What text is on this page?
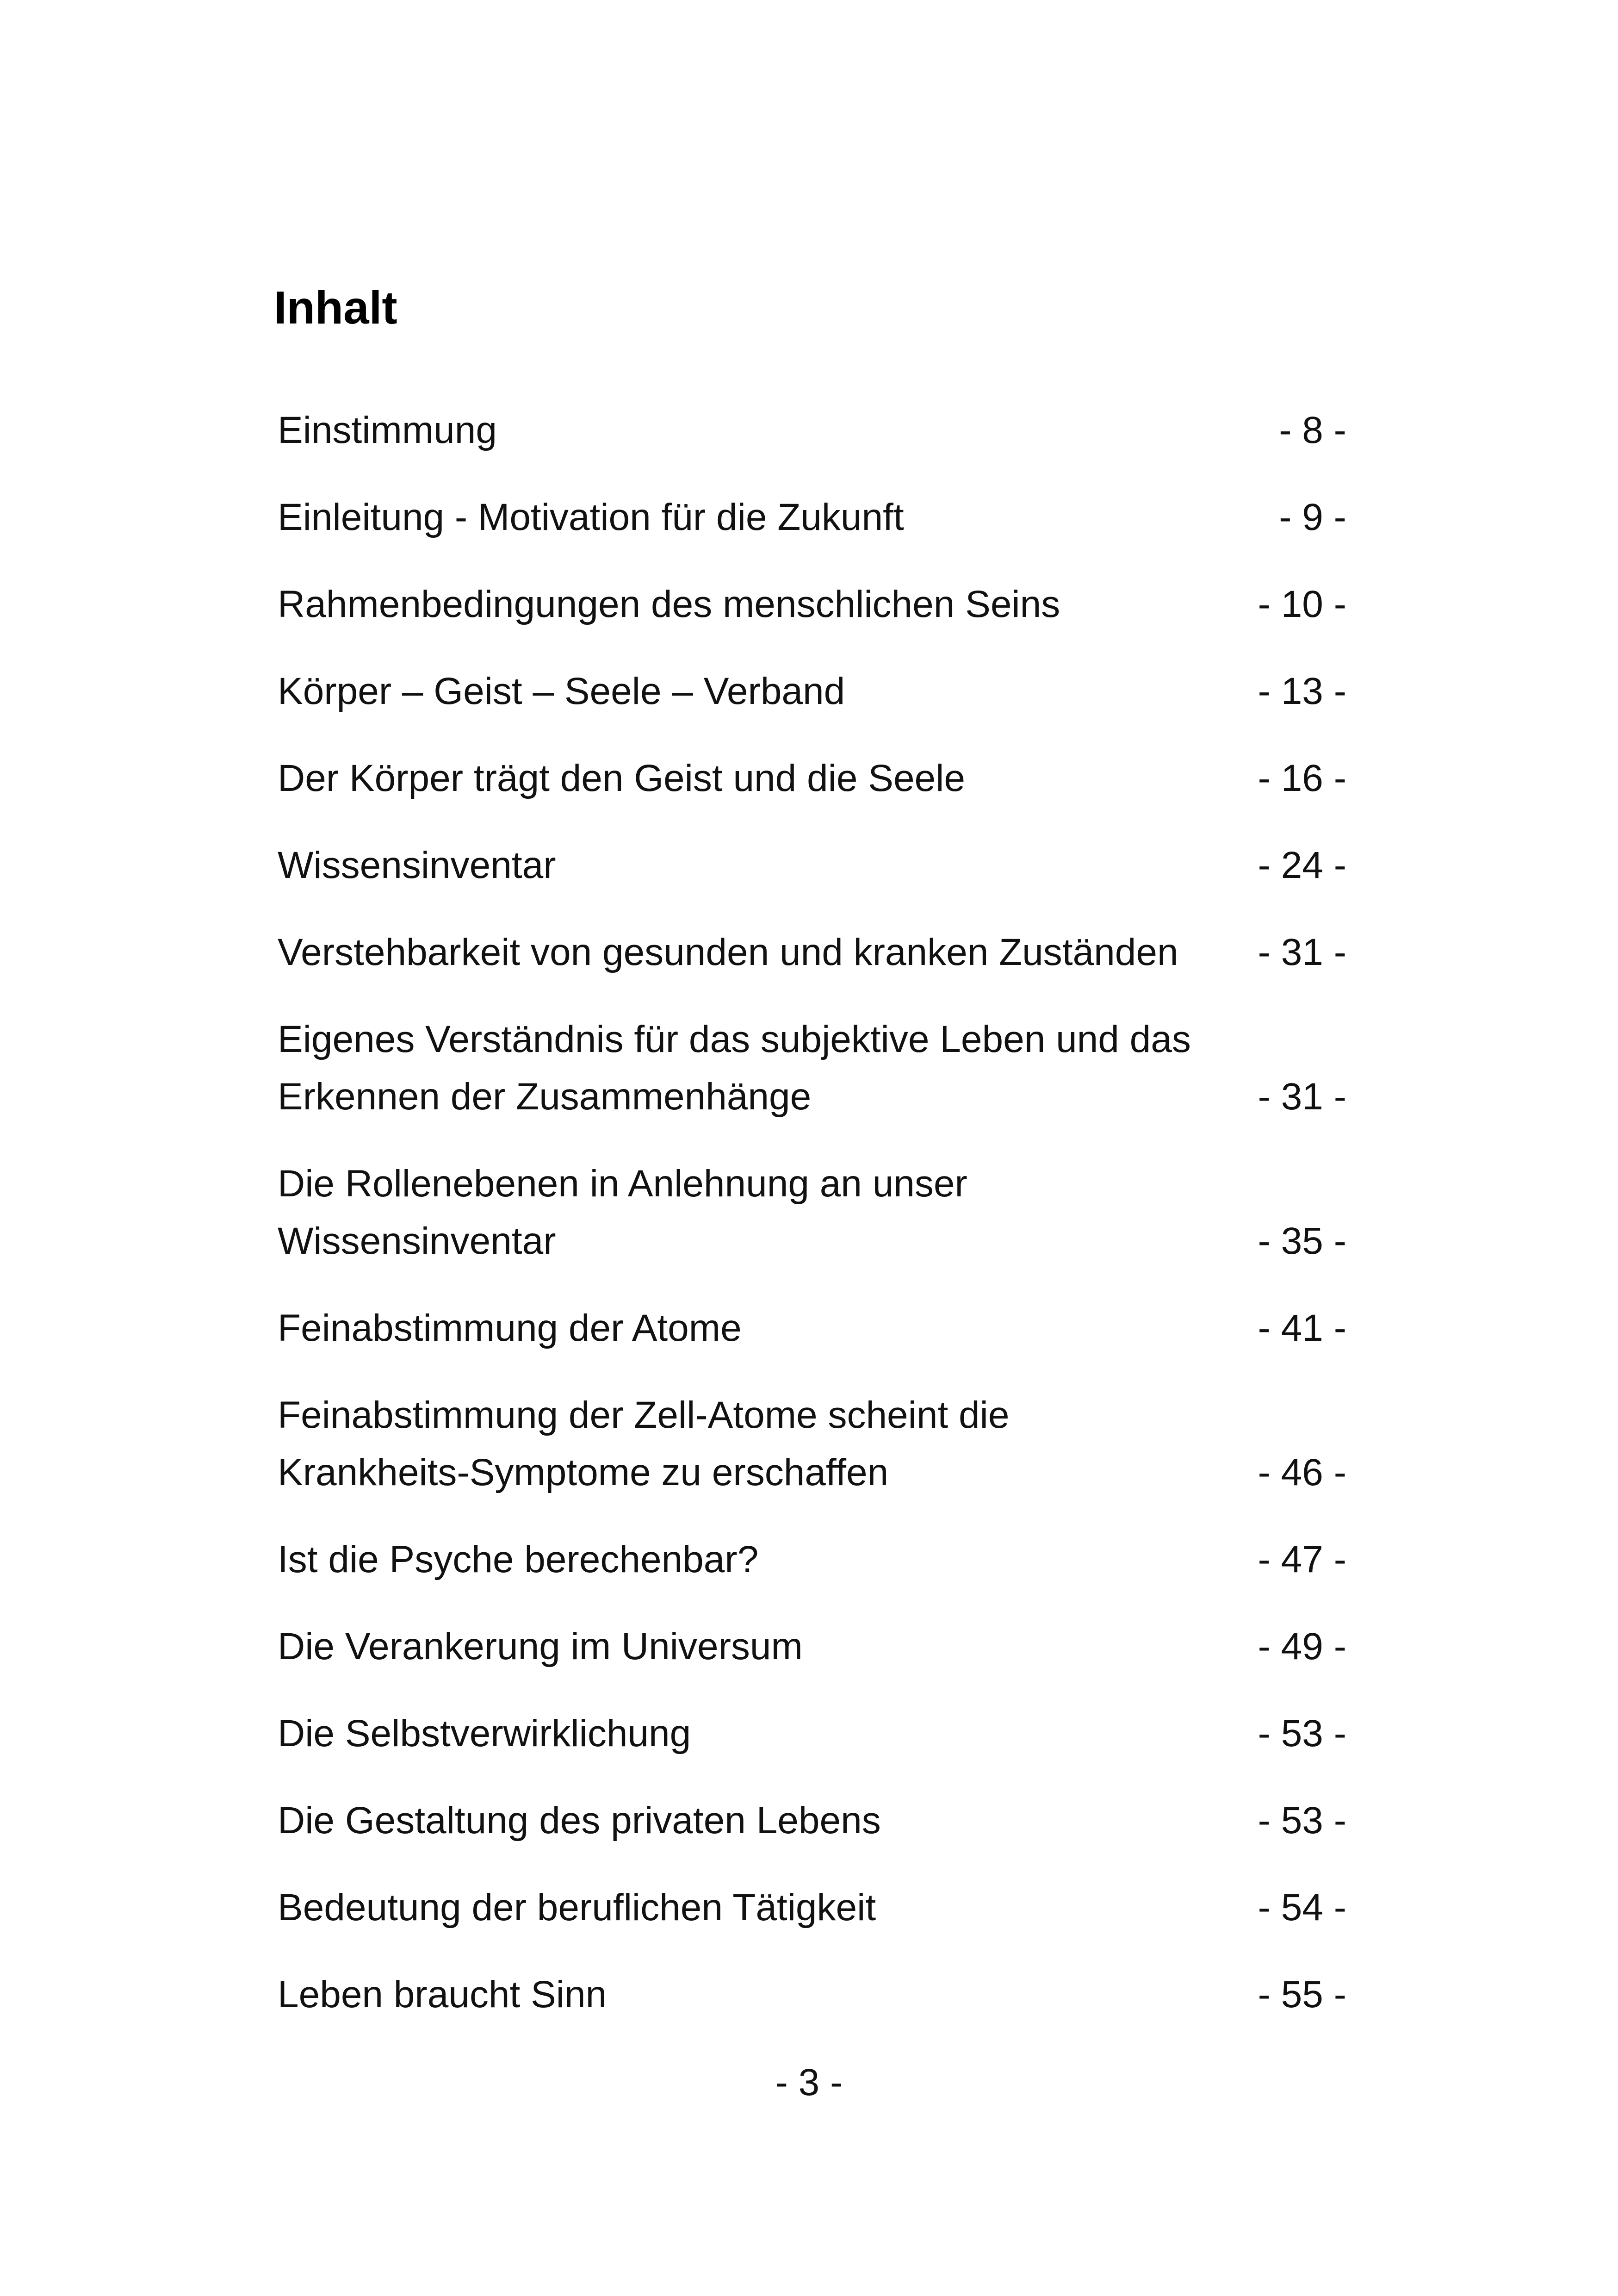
Inhalt
Einstimmung	- 8 -
Einleitung - Motivation für die Zukunft	- 9 -
Rahmenbedingungen des menschlichen Seins	- 10 -
Körper – Geist – Seele – Verband	- 13 -
Der Körper trägt den Geist und die Seele	- 16 -
Wissensinventar	- 24 -
Verstehbarkeit von gesunden und kranken Zuständen	- 31 -
Eigenes Verständnis für das subjektive Leben und das
Erkennen der Zusammenhänge	- 31 -
Die Rollenebenen in Anlehnung an unser
Wissensinventar	- 35 -
Feinabstimmung der Atome	- 41 -
Feinabstimmung der Zell-Atome scheint die
Krankheits-Symptome zu erschaffen	- 46 -
Ist die Psyche berechenbar?	- 47 -
Die Verankerung im Universum	- 49 -
Die Selbstverwirklichung	- 53 -
Die Gestaltung des privaten Lebens	- 53 -
Bedeutung der beruflichen Tätigkeit	- 54 -
Leben braucht Sinn	- 55 -
- 3 -
